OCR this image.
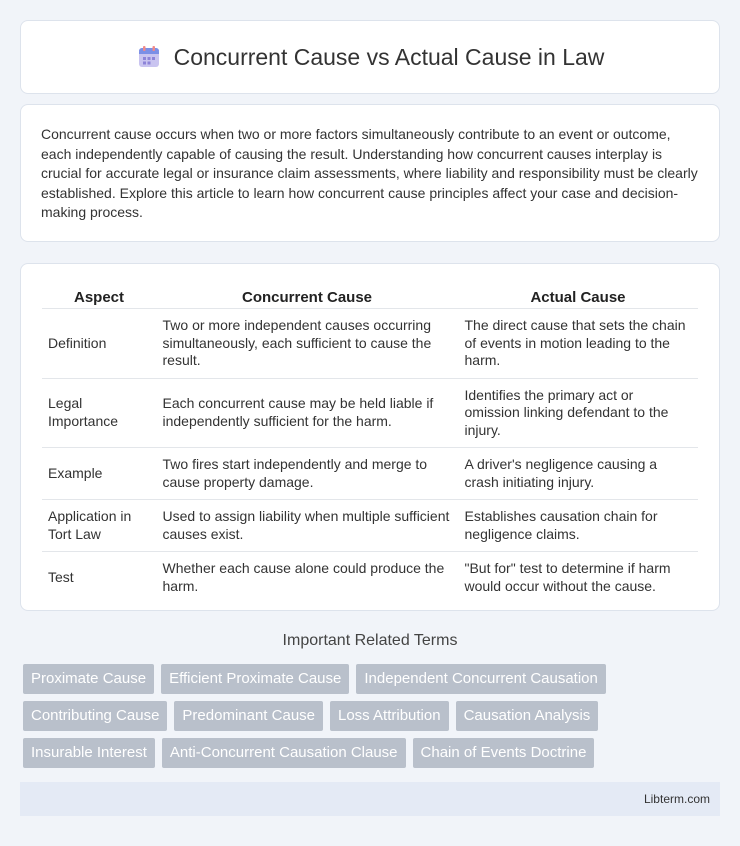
Concurrent Cause vs Actual Cause in Law

Concurrent cause occurs when two or more factors simultaneously contribute to an event or outcome, each independently capable of causing the result. Understanding how concurrent causes interplay is crucial for accurate legal or insurance claim assessments, where liability and responsibility must be clearly established. Explore this article to learn how concurrent cause principles affect your case and decision-making process.

Aspect	Concurrent Cause	Actual Cause
Definition	Two or more independent causes occurring simultaneously, each sufficient to cause the result.	The direct cause that sets the chain of events in motion leading to the harm.
Legal Importance	Each concurrent cause may be held liable if independently sufficient for the harm.	Identifies the primary act or omission linking defendant to the injury.
Example	Two fires start independently and merge to cause property damage.	A driver's negligence causing a crash initiating injury.
Application in Tort Law	Used to assign liability when multiple sufficient causes exist.	Establishes causation chain for negligence claims.
Test	Whether each cause alone could produce the harm.	"But for" test to determine if harm would occur without the cause.
Important Related Terms
Proximate Cause	Efficient Proximate Cause	Independent Concurrent Causation
Contributing Cause	Predominant Cause	Loss Attribution	Causation Analysis
Insurable Interest	Anti-Concurrent Causation Clause	Chain of Events Doctrine
Libterm.com
